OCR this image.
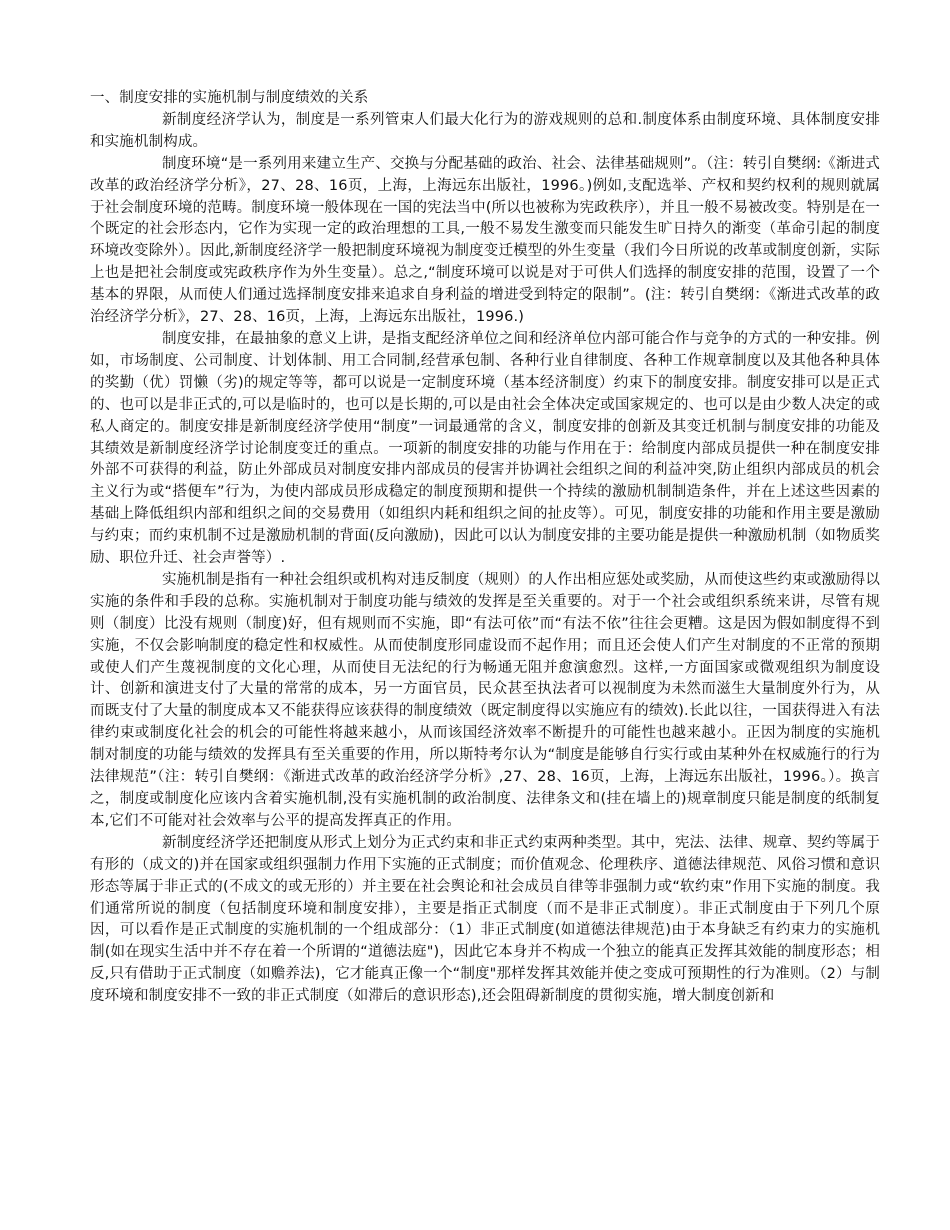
一、制度安排的实施机制与制度绩效的关系

新制度经济学认为，制度是一系列管束人们最大化行为的游戏规则的总和.制度体系由制度环境、具体制度安排和实施机制构成。

制度环境“是一系列用来建立生产、交换与分配基础的政治、社会、法律基础规则”。（注：转引自樊纲:《渐进式改革的政治经济学分析》，27、28、16页，上海，上海远东出版社，1996。)例如,支配选举、产权和契约权利的规则就属于社会制度环境的范畴。制度环境一般体现在一国的宪法当中(所以也被称为宪政秩序），并且一般不易被改变。特别是在一个既定的社会形态内，它作为实现一定的政治理想的工具,一般不易发生激变而只能发生旷日持久的渐变（革命引起的制度环境改变除外）。因此,新制度经济学一般把制度环境视为制度变迁模型的外生变量（我们今日所说的改革或制度创新，实际上也是把社会制度或宪政秩序作为外生变量）。总之,“制度环境可以说是对于可供人们选择的制度安排的范围，设置了一个基本的界限，从而使人们通过选择制度安排来追求自身利益的增进受到特定的限制”。(注：转引自樊纲：《渐进式改革的政治经济学分析》，27、28、16页，上海，上海远东出版社，1996.)

制度安排，在最抽象的意义上讲，是指支配经济单位之间和经济单位内部可能合作与竞争的方式的一种安排。例如，市场制度、公司制度、计划体制、用工合同制,经营承包制、各种行业自律制度、各种工作规章制度以及其他各种具体的奖勤（优）罚懒（劣)的规定等等，都可以说是一定制度环境（基本经济制度）约束下的制度安排。制度安排可以是正式的、也可以是非正式的,可以是临时的，也可以是长期的,可以是由社会全体决定或国家规定的、也可以是由少数人决定的或私人商定的。制度安排是新制度经济学使用“制度”一词最通常的含义，制度安排的创新及其变迁机制与制度安排的功能及其绩效是新制度经济学讨论制度变迁的重点。一项新的制度安排的功能与作用在于：给制度内部成员提供一种在制度安排外部不可获得的利益，防止外部成员对制度安排内部成员的侵害并协调社会组织之间的利益冲突,防止组织内部成员的机会主义行为或“搭便车”行为，为使内部成员形成稳定的制度预期和提供一个持续的激励机制制造条件，并在上述这些因素的基础上降低组织内部和组织之间的交易费用（如组织内耗和组织之间的扯皮等）。可见，制度安排的功能和作用主要是激励与约束；而约束机制不过是激励机制的背面(反向激励)，因此可以认为制度安排的主要功能是提供一种激励机制（如物质奖励、职位升迁、社会声誉等）.

实施机制是指有一种社会组织或机构对违反制度（规则）的人作出相应惩处或奖励，从而使这些约束或激励得以实施的条件和手段的总称。实施机制对于制度功能与绩效的发挥是至关重要的。对于一个社会或组织系统来讲，尽管有规则（制度）比没有规则（制度)好，但有规则而不实施，即“有法可依”而“有法不依”往往会更糟。这是因为假如制度得不到实施，不仅会影响制度的稳定性和权威性。从而使制度形同虚设而不起作用；而且还会使人们产生对制度的不正常的预期或使人们产生蔑视制度的文化心理，从而使目无法纪的行为畅通无阻并愈演愈烈。这样,一方面国家或微观组织为制度设计、创新和演进支付了大量的常常的成本，另一方面官员，民众甚至执法者可以视制度为未然而滋生大量制度外行为，从而既支付了大量的制度成本又不能获得应该获得的制度绩效（既定制度得以实施应有的绩效).长此以往，一国获得进入有法律约束或制度化社会的机会的可能性将越来越小，从而该国经济效率不断提升的可能性也越来越小。正因为制度的实施机制对制度的功能与绩效的发挥具有至关重要的作用，所以斯特考尔认为“制度是能够自行实行或由某种外在权威施行的行为法律规范”（注：转引自樊纲：《渐进式改革的政治经济学分析》,27、28、16页，上海，上海远东出版社，1996。）。换言之，制度或制度化应该内含着实施机制,没有实施机制的政治制度、法律条文和(挂在墙上的)规章制度只能是制度的纸制复本,它们不可能对社会效率与公平的提高发挥真正的作用。

新制度经济学还把制度从形式上划分为正式约束和非正式约束两种类型。其中，宪法、法律、规章、契约等属于有形的（成文的)并在国家或组织强制力作用下实施的正式制度；而价值观念、伦理秩序、道德法律规范、风俗习惯和意识形态等属于非正式的(不成文的或无形的）并主要在社会舆论和社会成员自律等非强制力或“软约束”作用下实施的制度。我们通常所说的制度（包括制度环境和制度安排），主要是指正式制度（而不是非正式制度）。非正式制度由于下列几个原因，可以看作是正式制度的实施机制的一个组成部分：（1）非正式制度(如道德法律规范)由于本身缺乏有约束力的实施机制(如在现实生活中并不存在着一个所谓的“道德法庭")，因此它本身并不构成一个独立的能真正发挥其效能的制度形态；相反,只有借助于正式制度（如赡养法)，它才能真正像一个“制度"那样发挥其效能并使之变成可预期性的行为准则。（2）与制度环境和制度安排不一致的非正式制度（如滞后的意识形态),还会阻碍新制度的贯彻实施，增大制度创新和
